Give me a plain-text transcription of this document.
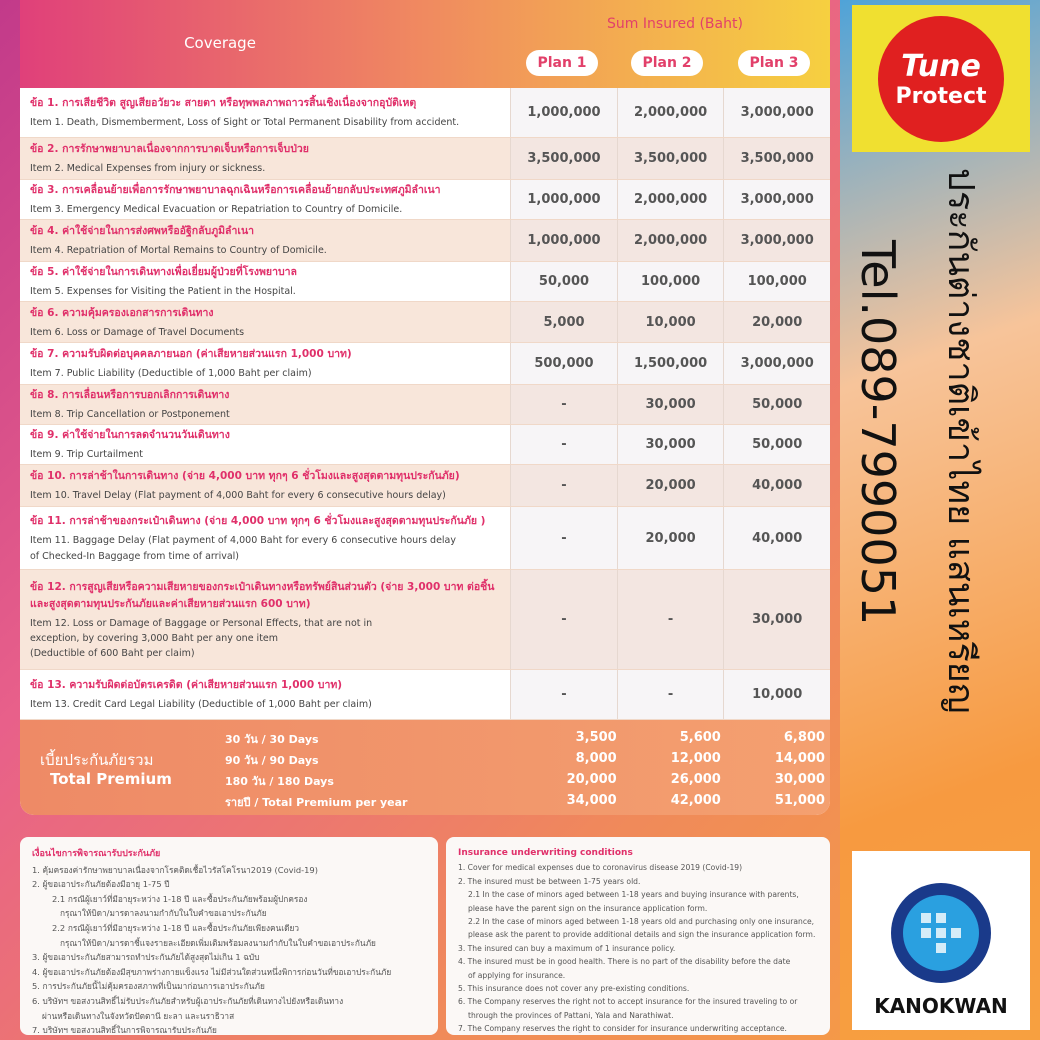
Coverage
Sum Insured (Baht)
Plan 1	Plan 2	Plan 3
ข้อ 1. การเสียชีวิต สูญเสียอวัยวะ สายตา หรือทุพพลภาพถาวรสิ้นเชิงเนื่องจากอุบัติเหตุ
Item 1. Death, Dismemberment, Loss of Sight or Total Permanent Disability from accident.
1,000,000	2,000,000	3,000,000
ข้อ 2. การรักษาพยาบาลเนื่องจากการบาดเจ็บหรือการเจ็บป่วย
Item 2. Medical Expenses from injury or sickness.
3,500,000	3,500,000	3,500,000
ข้อ 3. การเคลื่อนย้ายเพื่อการรักษาพยาบาลฉุกเฉินหรือการเคลื่อนย้ายกลับประเทศภูมิลำเนา
Item 3. Emergency Medical Evacuation or Repatriation to Country of Domicile.
1,000,000	2,000,000	3,000,000
ข้อ 4. ค่าใช้จ่ายในการส่งศพหรืออัฐิกลับภูมิลำเนา
Item 4. Repatriation of Mortal Remains to Country of Domicile.
1,000,000	2,000,000	3,000,000
ข้อ 5. ค่าใช้จ่ายในการเดินทางเพื่อเยี่ยมผู้ป่วยที่โรงพยาบาล
Item 5. Expenses for Visiting the Patient in the Hospital.
50,000	100,000	100,000
ข้อ 6. ความคุ้มครองเอกสารการเดินทาง
Item 6. Loss or Damage of Travel Documents
5,000	10,000	20,000
ข้อ 7. ความรับผิดต่อบุคคลภายนอก (ค่าเสียหายส่วนแรก 1,000 บาท)
Item 7. Public Liability (Deductible of 1,000 Baht per claim)
500,000	1,500,000	3,000,000
ข้อ 8. การเลื่อนหรือการบอกเลิกการเดินทาง
Item 8. Trip Cancellation or Postponement
-	30,000	50,000
ข้อ 9. ค่าใช้จ่ายในการลดจำนวนวันเดินทาง
Item 9. Trip Curtailment
-	30,000	50,000
ข้อ 10. การล่าช้าในการเดินทาง (จ่าย 4,000 บาท ทุกๆ 6 ชั่วโมงและสูงสุดตามทุนประกันภัย)
Item 10. Travel Delay (Flat payment of 4,000 Baht for every 6 consecutive hours delay)
-	20,000	40,000
ข้อ 11. การล่าช้าของกระเป๋าเดินทาง (จ่าย 4,000 บาท ทุกๆ 6 ชั่วโมงและสูงสุดตามทุนประกันภัย )
Item 11. Baggage Delay (Flat payment of 4,000 Baht for every 6 consecutive hours delay
of Checked-In Baggage from time of arrival)
-	20,000	40,000
ข้อ 12. การสูญเสียหรือความเสียหายของกระเป๋าเดินทางหรือทรัพย์สินส่วนตัว (จ่าย 3,000 บาท ต่อชิ้น และสูงสุดตามทุนประกันภัยและค่าเสียหายส่วนแรก 600 บาท)
Item 12. Loss or Damage of Baggage or Personal Effects, that are not in
exception, by covering 3,000 Baht per any one item
(Deductible of 600 Baht per claim)
-	-	30,000
ข้อ 13. ความรับผิดต่อบัตรเครดิต (ค่าเสียหายส่วนแรก 1,000 บาท)
Item 13. Credit Card Legal Liability (Deductible of 1,000 Baht per claim)
-	-	10,000
เบี้ยประกันภัยรวม
Total Premium
30 วัน / 30 Days	3,500	5,600	6,800
90 วัน / 90 Days	8,000	12,000	14,000
180 วัน / 180 Days	20,000	26,000	30,000
รายปี / Total Premium per year	34,000	42,000	51,000
เงื่อนไขการพิจารณารับประกันภัย
1. คุ้มครองค่ารักษาพยาบาลเนื่องจากโรคติดเชื้อไวรัสโคโรนา2019 (Covid-19)
2. ผู้ขอเอาประกันภัยต้องมีอายุ 1-75 ปี
2.1 กรณีผู้เยาว์ที่มีอายุระหว่าง 1-18 ปี และซื้อประกันภัยพร้อมผู้ปกครอง
กรุณาให้บิดา/มารดาลงนามกำกับในใบคำขอเอาประกันภัย
2.2 กรณีผู้เยาว์ที่มีอายุระหว่าง 1-18 ปี และซื้อประกันภัยเพียงคนเดียว
กรุณาให้บิดา/มารดาชี้แจงรายละเอียดเพิ่มเติมพร้อมลงนามกำกับในใบคำขอเอาประกันภัย
3. ผู้ขอเอาประกันภัยสามารถทำประกันภัยได้สูงสุดไม่เกิน 1 ฉบับ
4. ผู้ขอเอาประกันภัยต้องมีสุขภาพร่างกายแข็งแรง ไม่มีส่วนใดส่วนหนึ่งพิการก่อนวันที่ขอเอาประกันภัย
5. การประกันภัยนี้ไม่คุ้มครองสภาพที่เป็นมาก่อนการเอาประกันภัย
6. บริษัทฯ ขอสงวนสิทธิ์ไม่รับประกันภัยสำหรับผู้เอาประกันภัยที่เดินทางไปยังหรือเดินทาง
ผ่านหรือเดินทางในจังหวัดปัตตานี ยะลา และนราธิวาส
7. บริษัทฯ ขอสงวนสิทธิ์ในการพิจารณารับประกันภัย
Insurance underwriting conditions
1. Cover for medical expenses due to coronavirus disease 2019 (Covid-19)
2. The insured must be between 1-75 years old.
2.1 In the case of minors aged between 1-18 years and buying insurance with parents,
please have the parent sign on the insurance application form.
2.2 In the case of minors aged between 1-18 years old and purchasing only one insurance,
please ask the parent to provide additional details and sign the insurance application form.
3. The insured can buy a maximum of 1 insurance policy.
4. The insured must be in good health. There is no part of the disability before the date
of applying for insurance.
5. This insurance does not cover any pre-existing conditions.
6. The Company reserves the right not to accept insurance for the insured traveling to or
through the provinces of Pattani, Yala and Narathiwat.
7. The Company reserves the right to consider for insurance underwriting acceptance.
Tune
Protect
ประกันต่างชาติเข้าไทย แสนเหรียญ
Tel.089-7990051
KANOKWAN
